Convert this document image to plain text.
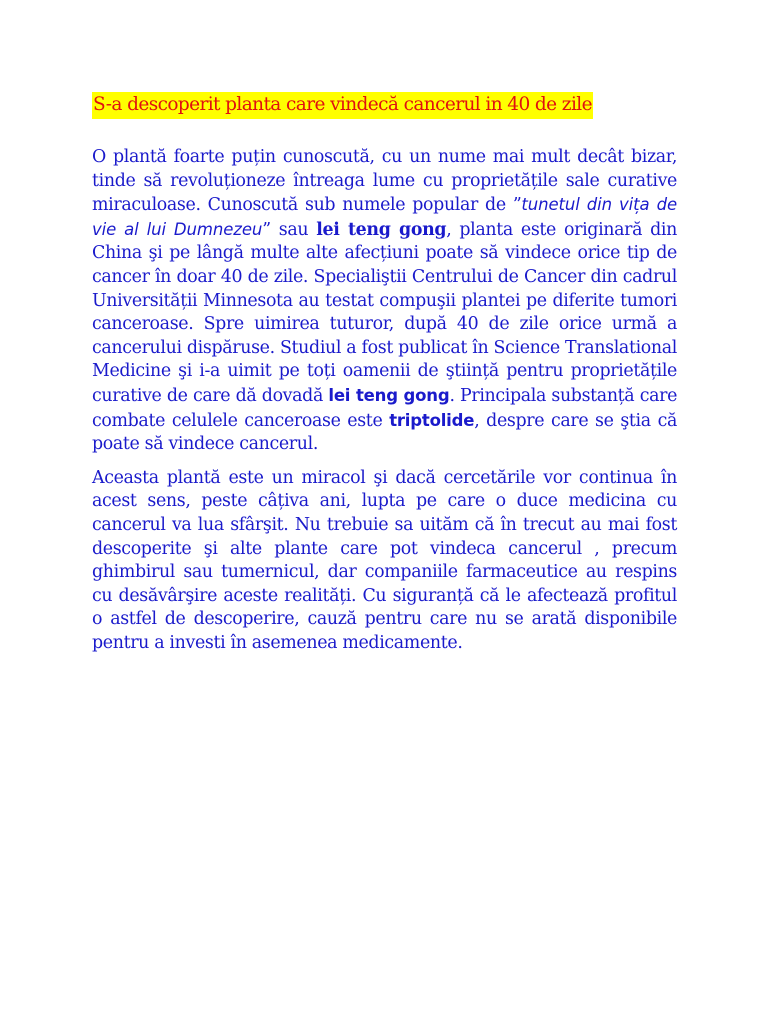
S-a descoperit planta care vindecă cancerul in 40 de zile

O plantă foarte puțin cunoscută, cu un nume mai mult decât bizar, tinde să revoluționeze întreaga lume cu proprietățile sale curative miraculoase. Cunoscută sub numele popular de ”tunetul din vița de vie al lui Dumnezeu” sau lei teng gong, planta este originară din China şi pe lângă multe alte afecțiuni poate să vindece orice tip de cancer în doar 40 de zile. Specialiştii Centrului de Cancer din cadrul Universității Minnesota au testat compuşii plantei pe diferite tumori canceroase. Spre uimirea tuturor, după 40 de zile orice urmă a cancerului dispăruse. Studiul a fost publicat în Science Translational Medicine şi i-a uimit pe toți oamenii de ştiință pentru proprietățile curative de care dă dovadă lei teng gong. Principala substanță care combate celulele canceroase este triptolide, despre care se ştia că poate să vindece cancerul.

Aceasta plantă este un miracol şi dacă cercetările vor continua în acest sens, peste câțiva ani, lupta pe care o duce medicina cu cancerul va lua sfârşit. Nu trebuie sa uităm că în trecut au mai fost descoperite şi alte plante care pot vindeca cancerul , precum ghimbirul sau tumernicul, dar companiile farmaceutice au respins cu desăvârşire aceste realități. Cu siguranță că le afectează profitul o astfel de descoperire, cauză pentru care nu se arată disponibile pentru a investi în asemenea medicamente.
